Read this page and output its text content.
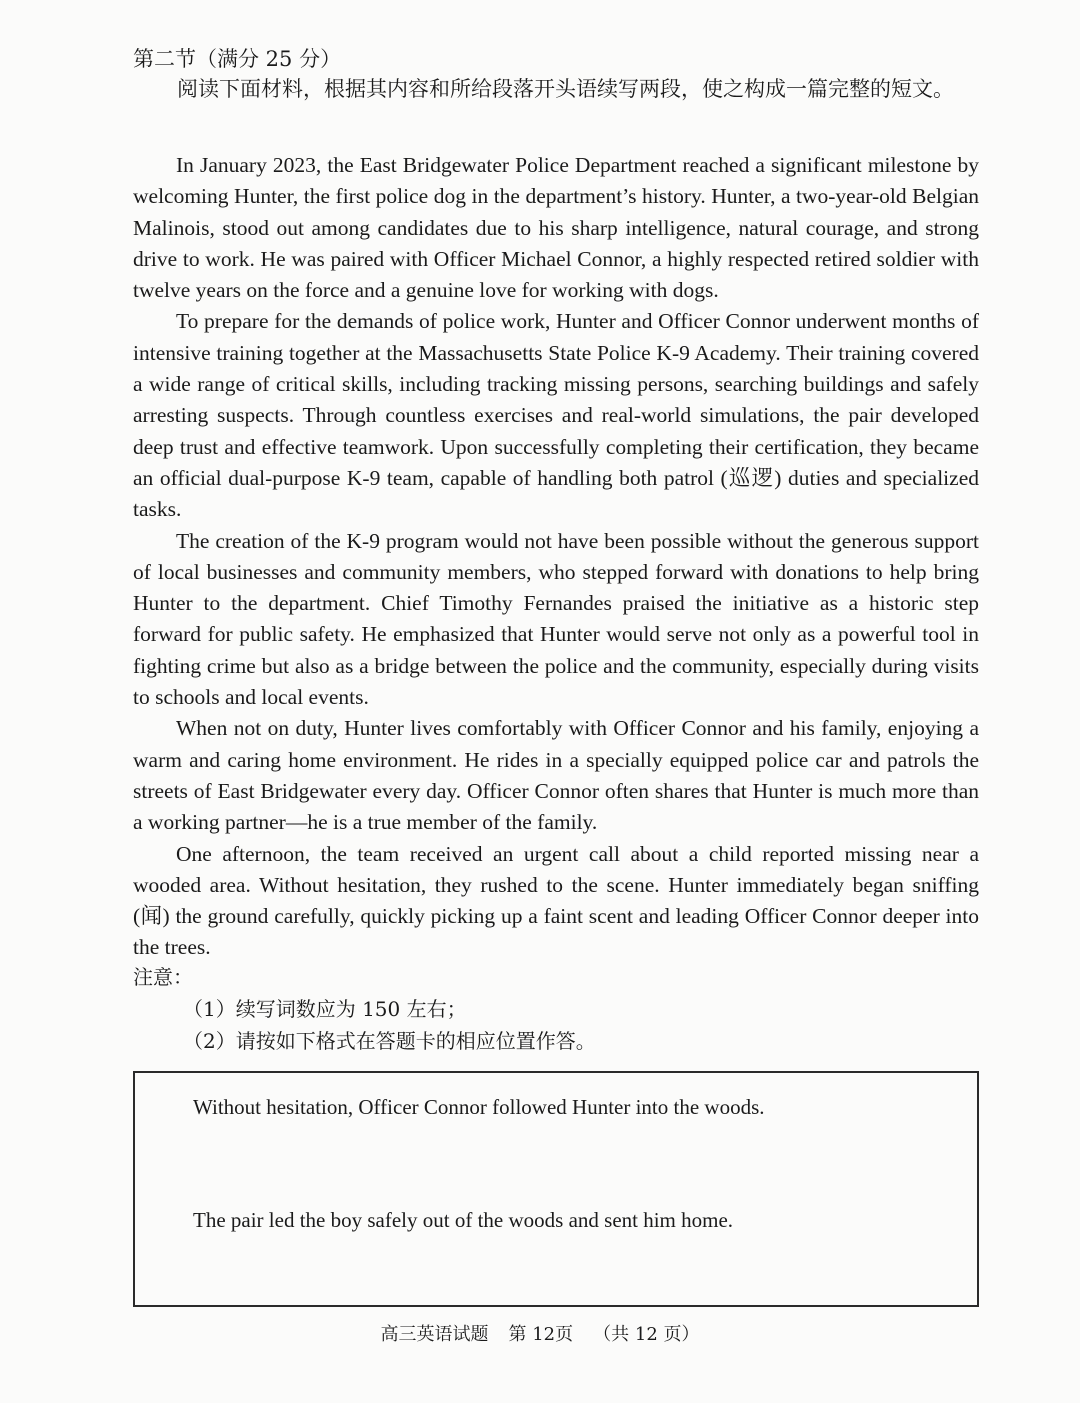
第二节（满分 25 分）
阅读下面材料，根据其内容和所给段落开头语续写两段，使之构成一篇完整的短文。

In January 2023, the East Bridgewater Police Department reached a significant milestone by welcoming Hunter, the first police dog in the department’s history. Hunter, a two-year-old Belgian Malinois, stood out among candidates due to his sharp intelligence, natural courage, and strong drive to work. He was paired with Officer Michael Connor, a highly respected retired soldier with twelve years on the force and a genuine love for working with dogs.

To prepare for the demands of police work, Hunter and Officer Connor underwent months of intensive training together at the Massachusetts State Police K-9 Academy. Their training covered a wide range of critical skills, including tracking missing persons, searching buildings and safely arresting suspects. Through countless exercises and real-world simulations, the pair developed deep trust and effective teamwork. Upon successfully completing their certification, they became an official dual-purpose K-9 team, capable of handling both patrol (巡逻) duties and specialized tasks.

The creation of the K-9 program would not have been possible without the generous support of local businesses and community members, who stepped forward with donations to help bring Hunter to the department. Chief Timothy Fernandes praised the initiative as a historic step forward for public safety. He emphasized that Hunter would serve not only as a powerful tool in fighting crime but also as a bridge between the police and the community, especially during visits to schools and local events.

When not on duty, Hunter lives comfortably with Officer Connor and his family, enjoying a warm and caring home environment. He rides in a specially equipped police car and patrols the streets of East Bridgewater every day. Officer Connor often shares that Hunter is much more than a working partner—he is a true member of the family.

One afternoon, the team received an urgent call about a child reported missing near a wooded area. Without hesitation, they rushed to the scene. Hunter immediately began sniffing (闻) the ground carefully, quickly picking up a faint scent and leading Officer Connor deeper into the trees.

注意：
（1）续写词数应为 150 左右；
（2）请按如下格式在答题卡的相应位置作答。
Without hesitation, Officer Connor followed Hunter into the woods.
The pair led the boy safely out of the woods and sent him home.
高三英语试题 第 12页 （共 12 页）
